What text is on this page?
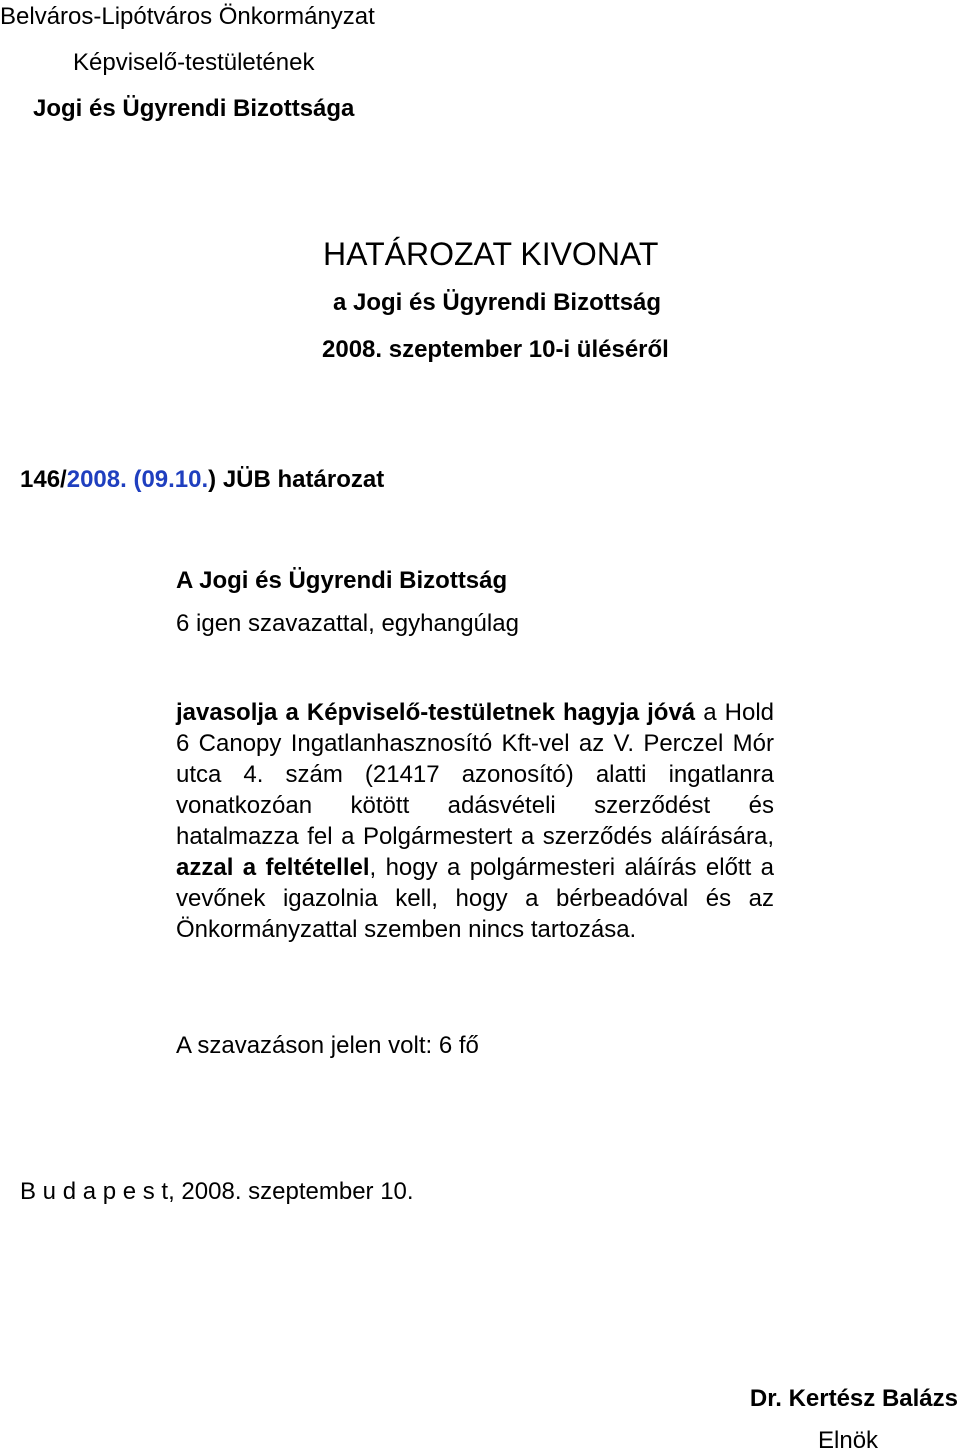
Belváros-Lipótváros Önkormányzat
Képviselő-testületének
Jogi és Ügyrendi Bizottsága
HATÁROZAT KIVONAT
a Jogi és Ügyrendi Bizottság
2008. szeptember 10-i üléséről
146/2008. (09.10.) JÜB határozat
A Jogi és Ügyrendi Bizottság
6 igen szavazattal, egyhangúlag
javasolja a Képviselő-testületnek hagyja jóvá a Hold 6 Canopy Ingatlanhasznosító Kft-vel az V. Perczel Mór utca 4. szám (21417 azonosító) alatti ingatlanra vonatkozóan kötött adásvételi szerződést és hatalmazza fel a Polgármestert a szerződés aláírására, azzal a feltétellel, hogy a polgármesteri aláírás előtt a vevőnek igazolnia kell, hogy a bérbeadóval és az Önkormányzattal szemben nincs tartozása.
A szavazáson jelen volt: 6 fő
B u d a p e s t, 2008. szeptember 10.
Dr. Kertész Balázs
Elnök
